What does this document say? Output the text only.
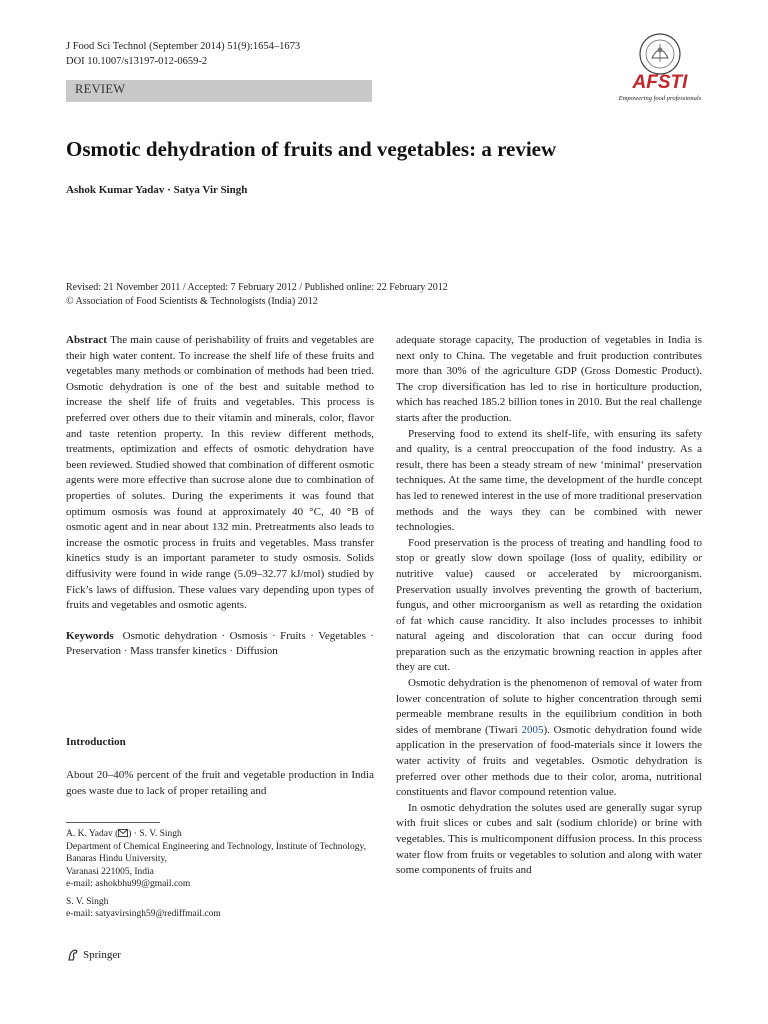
J Food Sci Technol (September 2014) 51(9):1654–1673
DOI 10.1007/s13197-012-0659-2
AFSTI
Empowering food professionals
REVIEW
Osmotic dehydration of fruits and vegetables: a review
Ashok Kumar Yadav · Satya Vir Singh
Revised: 21 November 2011 / Accepted: 7 February 2012 / Published online: 22 February 2012
© Association of Food Scientists & Technologists (India) 2012

Abstract The main cause of perishability of fruits and vegetables are their high water content. To increase the shelf life of these fruits and vegetables many methods or combination of methods had been tried. Osmotic dehydration is one of the best and suitable method to increase the shelf life of fruits and vegetables. This process is preferred over others due to their vitamin and minerals, color, flavor and taste retention property. In this review different methods, treatments, optimization and effects of osmotic dehydration have been reviewed. Studied showed that combination of different osmotic agents were more effective than sucrose alone due to combination of properties of solutes. During the experiments it was found that optimum osmosis was found at approximately 40 °C, 40 °B of osmotic agent and in near about 132 min. Pretreatments also leads to increase the osmotic process in fruits and vegetables. Mass transfer kinetics study is an important parameter to study osmosis. Solids diffusivity were found in wide range (5.09–32.77 kJ/mol) studied by Fick’s laws of diffusion. These values vary depending upon types of fruits and vegetables and osmotic agents.

Keywords Osmotic dehydration · Osmosis · Fruits · Vegetables · Preservation · Mass transfer kinetics · Diffusion

Introduction

About 20–40% percent of the fruit and vegetable production in India goes waste due to lack of proper retailing and

A. K. Yadav ( ) · S. V. Singh

Department of Chemical Engineering and Technology, Institute of Technology, Banaras Hindu University,

Varanasi 221005, India

e-mail: ashokbhu99@gmail.com

S. V. Singh

e-mail: satyavirsingh59@rediffmail.com

Springer

adequate storage capacity, The production of vegetables in India is next only to China. The vegetable and fruit production contributes more than 30% of the agriculture GDP (Gross Domestic Product). The crop diversification has led to rise in horticulture production, which has reached 185.2 billion tones in 2010. But the real challenge starts after the production.

Preserving food to extend its shelf-life, with ensuring its safety and quality, is a central preoccupation of the food industry. As a result, there has been a steady stream of new ‘minimal‘ preservation techniques. At the same time, the development of the hurdle concept has led to renewed interest in the use of more traditional preservation methods and the ways they can be combined with newer technologies.

Food preservation is the process of treating and handling food to stop or greatly slow down spoilage (loss of quality, edibility or nutritive value) caused or accelerated by microorganism. Preservation usually involves preventing the growth of bacterium, fungus, and other microorganism as well as retarding the oxidation of fat which cause rancidity. It also includes processes to inhibit natural ageing and discoloration that can occur during food preparation such as the enzymatic browning reaction in apples after they are cut.

Osmotic dehydration is the phenomenon of removal of water from lower concentration of solute to higher concentration through semi permeable membrane results in the equilibrium condition in both sides of membrane (Tiwari 2005). Osmotic dehydration found wide application in the preservation of food-materials since it lowers the water activity of fruits and vegetables. Osmotic dehydration is preferred over other methods due to their color, aroma, nutritional constituents and flavor compound retention value.

In osmotic dehydration the solutes used are generally sugar syrup with fruit slices or cubes and salt (sodium chloride) or brine with vegetables. This is multicomponent diffusion process. In this process water flow from fruits or vegetables to solution and along with water some components of fruits and
